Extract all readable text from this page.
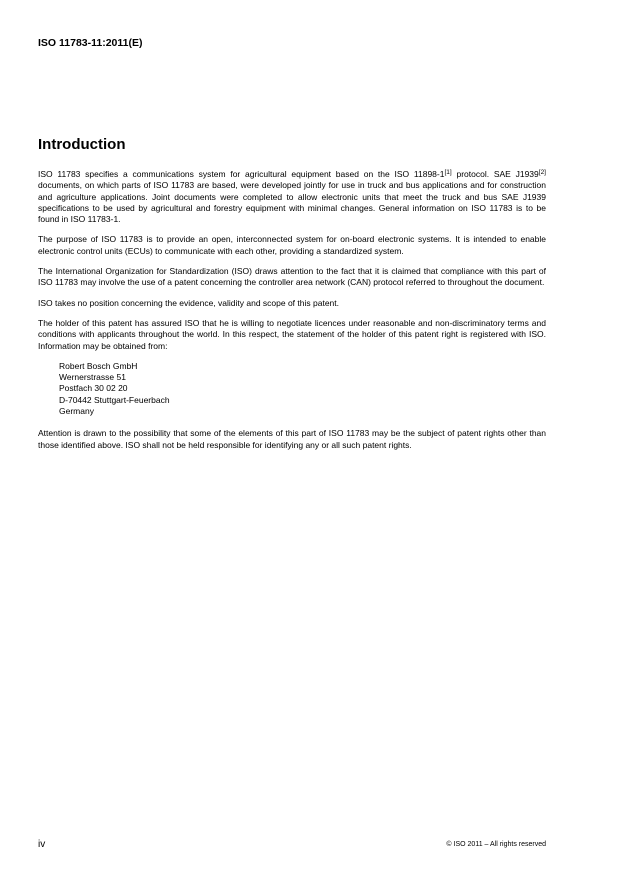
ISO 11783-11:2011(E)
Introduction

ISO 11783 specifies a communications system for agricultural equipment based on the ISO 11898-1[1] protocol. SAE J1939[2] documents, on which parts of ISO 11783 are based, were developed jointly for use in truck and bus applications and for construction and agriculture applications. Joint documents were completed to allow electronic units that meet the truck and bus SAE J1939 specifications to be used by agricultural and forestry equipment with minimal changes. General information on ISO 11783 is to be found in ISO 11783-1.

The purpose of ISO 11783 is to provide an open, interconnected system for on-board electronic systems. It is intended to enable electronic control units (ECUs) to communicate with each other, providing a standardized system.

The International Organization for Standardization (ISO) draws attention to the fact that it is claimed that compliance with this part of ISO 11783 may involve the use of a patent concerning the controller area network (CAN) protocol referred to throughout the document.

ISO takes no position concerning the evidence, validity and scope of this patent.

The holder of this patent has assured ISO that he is willing to negotiate licences under reasonable and non-discriminatory terms and conditions with applicants throughout the world. In this respect, the statement of the holder of this patent right is registered with ISO. Information may be obtained from:

Robert Bosch GmbH
Wernerstrasse 51
Postfach 30 02 20
D-70442 Stuttgart-Feuerbach
Germany

Attention is drawn to the possibility that some of the elements of this part of ISO 11783 may be the subject of patent rights other than those identified above. ISO shall not be held responsible for identifying any or all such patent rights.

iv	© ISO 2011 – All rights reserved
